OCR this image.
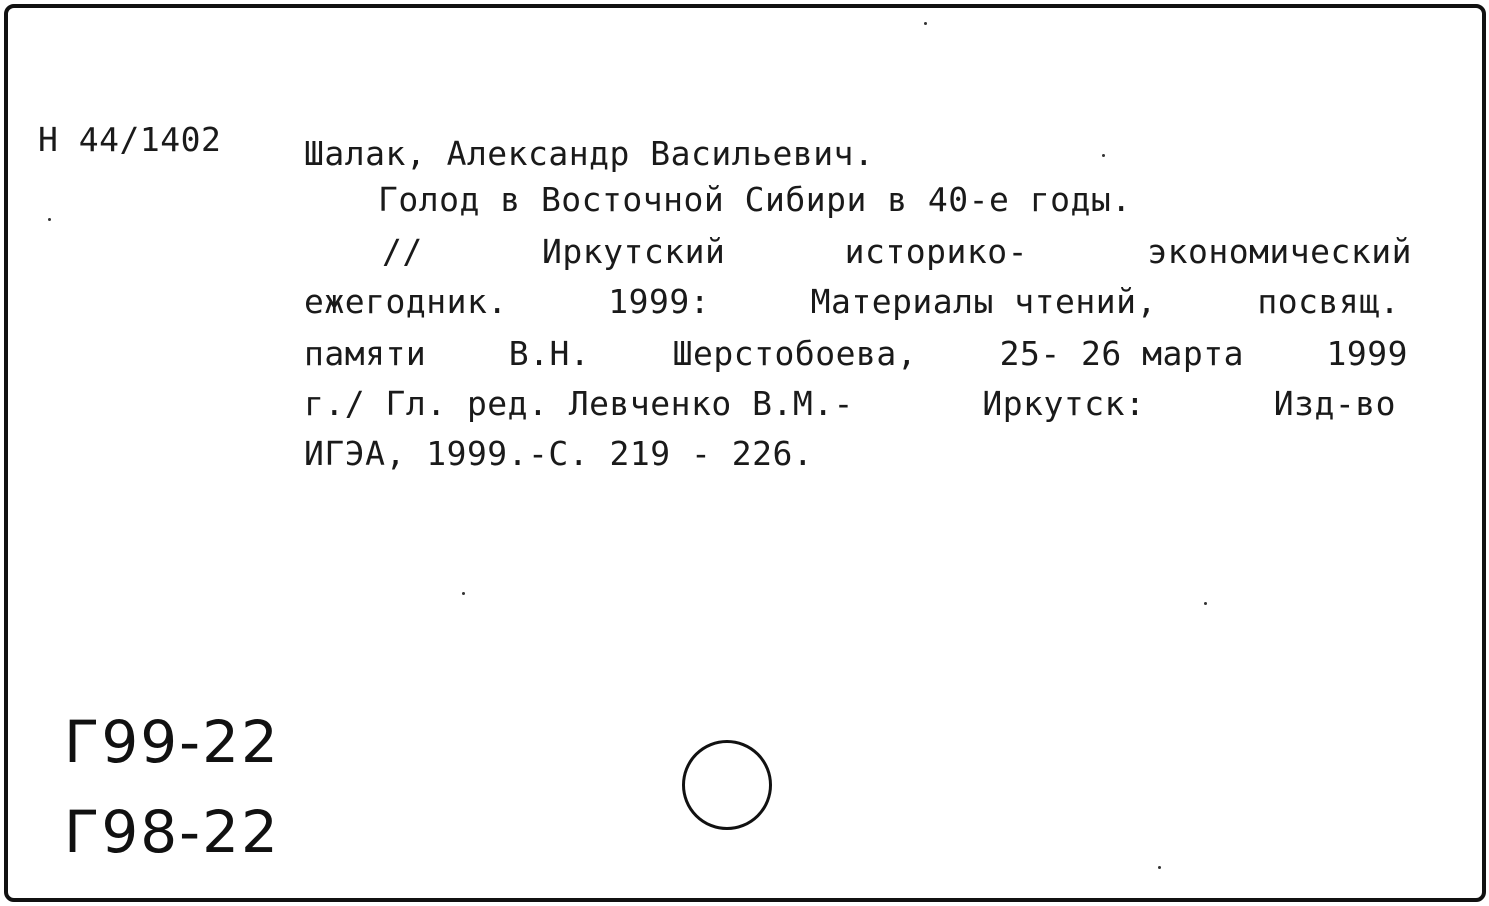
Н 44/1402	Шалак, Александр Васильевич.
Голод в Восточной Сибири в 40-е годы.
//	Иркутский	историко-	экономический
ежегодник.	1999:	Материалы чтений,	посвящ.
памяти В.Н. Шерстобоева, 25- 26 марта 1999
г./ Гл. ред. Левченко В.М.-	Иркутск:	Изд-во
ИГЭА, 1999.-С. 219 - 226.
Г99-22
Г98-22
